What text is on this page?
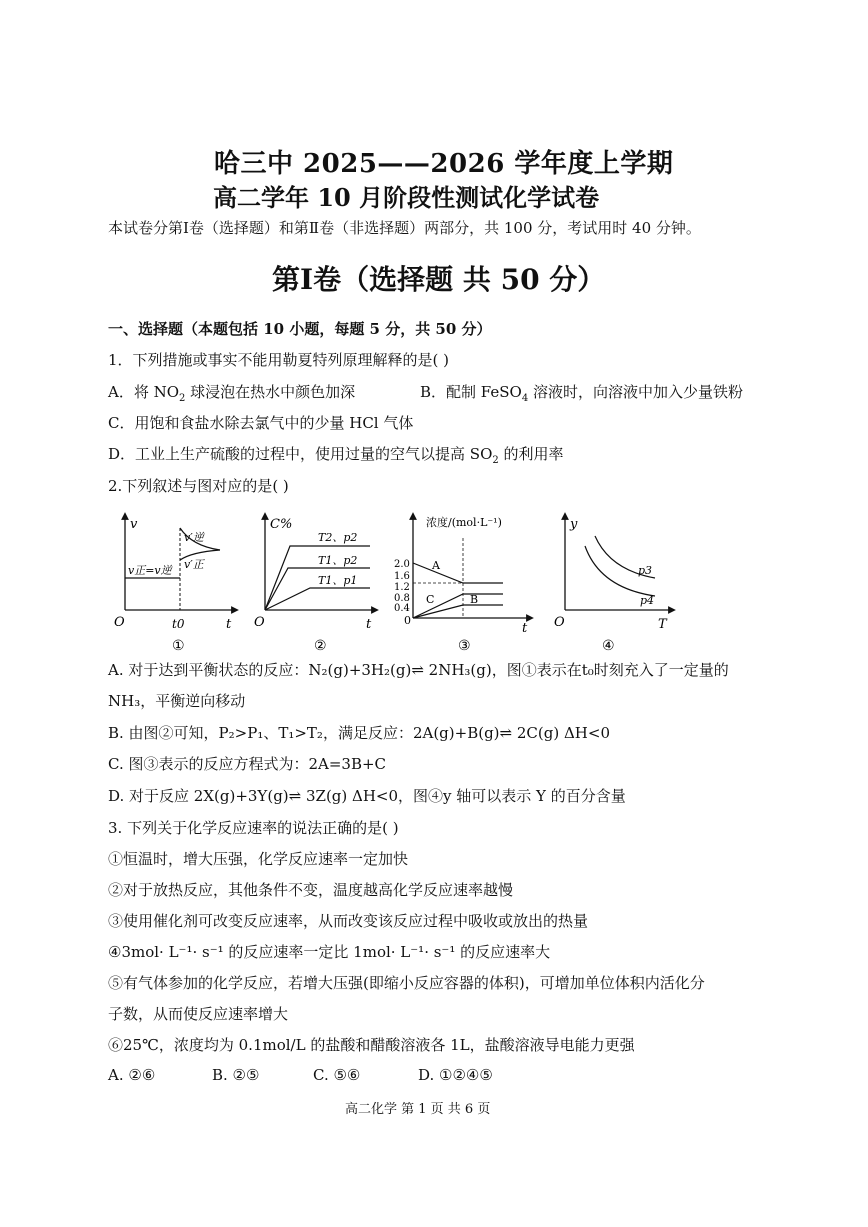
哈三中 2025——2026 学年度上学期
高二学年 10 月阶段性测试化学试卷
本试卷分第Ⅰ卷（选择题）和第Ⅱ卷（非选择题）两部分，共 100 分，考试用时 40 分钟。
第Ⅰ卷（选择题 共 50 分）
一、选择题（本题包括 10 小题，每题 5 分，共 50 分）
1．下列措施或事实不能用勒夏特列原理解释的是( )
A．将 $NO_2$ 球浸泡在热水中颜色加深	B．配制 FeSO$_4$ 溶液时，向溶液中加入少量铁粉
C．用饱和食盐水除去氯气中的少量 HCl 气体
D．工业上生产硫酸的过程中，使用过量的空气以提高 $SO_2$ 的利用率
2.下列叙述与图对应的是( )
v
t
O
v正=v逆
v′逆
v′正
t0
①
C%
t
O
T2、p2
T1、p2
T1、p1
②
浓度/(mol·L⁻¹)
t
0
2.0
1.6
1.2
0.8
0.4
A
B
C
③
y
T
O
p3
p4
④
A. 对于达到平衡状态的反应：N₂(g)+3H₂(g)⇌ 2NH₃(g)，图①表示在t₀时刻充入了一定量的
NH₃，平衡逆向移动
B. 由图②可知，P₂>P₁、T₁>T₂，满足反应：2A(g)+B(g)⇌ 2C(g) ΔH<0
C. 图③表示的反应方程式为：2A=3B+C
D. 对于反应 2X(g)+3Y(g)⇌ 3Z(g) ΔH<0，图④y 轴可以表示 Y 的百分含量
3. 下列关于化学反应速率的说法正确的是( )
①恒温时，增大压强，化学反应速率一定加快
②对于放热反应，其他条件不变，温度越高化学反应速率越慢
③使用催化剂可改变反应速率，从而改变该反应过程中吸收或放出的热量
④3mol· L⁻¹· s⁻¹ 的反应速率一定比 1mol· L⁻¹· s⁻¹ 的反应速率大
⑤有气体参加的化学反应，若增大压强(即缩小反应容器的体积)，可增加单位体积内活化分
子数，从而使反应速率增大
⑥25℃，浓度均为 0.1mol/L 的盐酸和醋酸溶液各 1L，盐酸溶液导电能力更强
A. ②⑥	B. ②⑤	C. ⑤⑥	D. ①②④⑤
高二化学 第 1 页 共 6 页
